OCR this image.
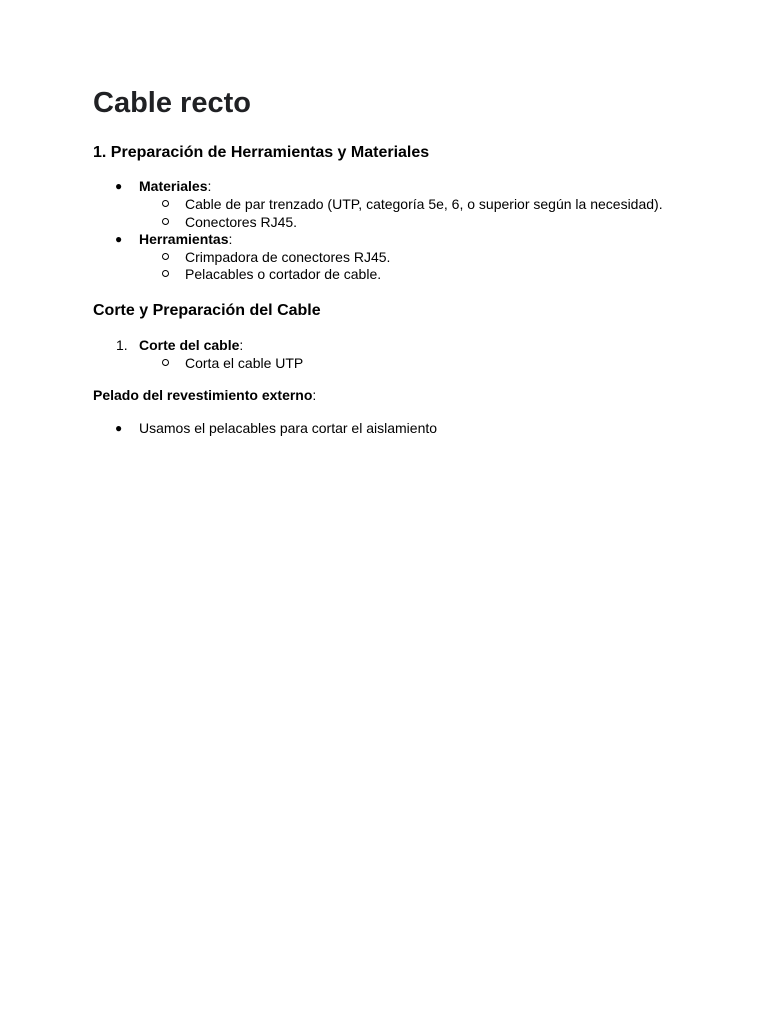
Cable recto
1. Preparación de Herramientas y Materiales
● Materiales:
Cable de par trenzado (UTP, categoría 5e, 6, o superior según la necesidad).
Conectores RJ45.
● Herramientas:
Crimpadora de conectores RJ45.
Pelacables o cortador de cable.
Corte y Preparación del Cable
1. Corte del cable:
Corta el cable UTP
Pelado del revestimiento externo:
● Usamos el pelacables para cortar el aislamiento
